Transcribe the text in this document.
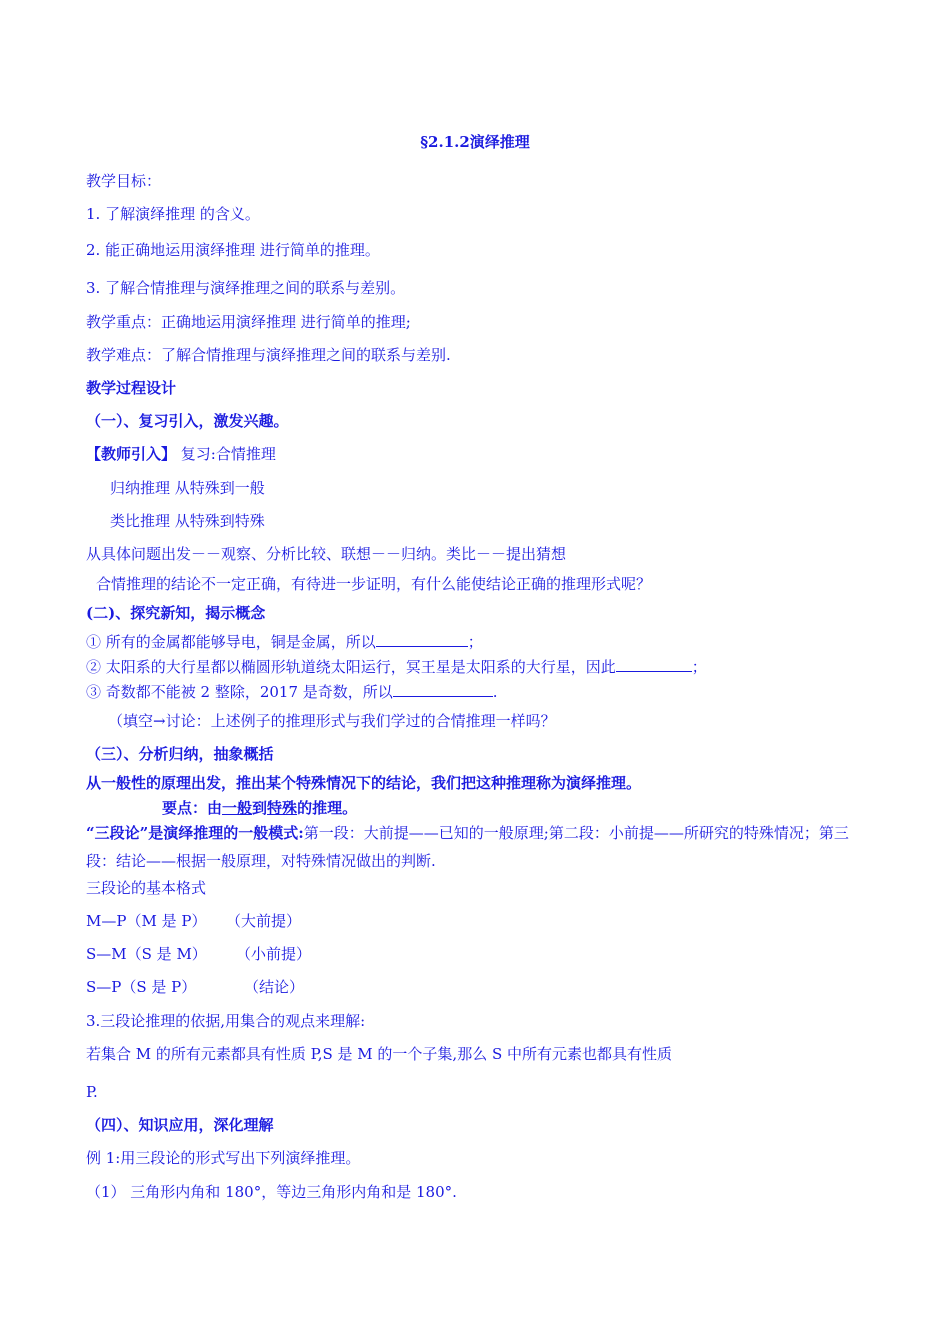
§2.1.2演绎推理
教学目标：
1. 了解演绎推理 的含义。
2. 能正确地运用演绎推理 进行简单的推理。
3. 了解合情推理与演绎推理之间的联系与差别。
教学重点：正确地运用演绎推理 进行简单的推理;
教学难点：了解合情推理与演绎推理之间的联系与差别.
教学过程设计
（一）、复习引入，激发兴趣。
【教师引入】 复习:合情推理
归纳推理 从特殊到一般
类比推理 从特殊到特殊
从具体问题出发－－观察、分析比较、联想－－归纳。类比－－提出猜想
合情推理的结论不一定正确，有待进一步证明，有什么能使结论正确的推理形式呢？
(二)、探究新知，揭示概念
① 所有的金属都能够导电，铜是金属，所以	；
② 太阳系的大行星都以椭圆形轨道绕太阳运行，冥王星是太阳系的大行星，因此	；
③ 奇数都不能被 2 整除，2017 是奇数，所以	.
（填空→讨论：上述例子的推理形式与我们学过的合情推理一样吗？
（三）、分析归纳，抽象概括
从一般性的原理出发，推出某个特殊情况下的结论，我们把这种推理称为演绎推理。
要点：由一般到特殊的推理。
“三段论”是演绎推理的一般模式:第一段：大前提——已知的一般原理;第二段：小前提——所研究的特殊情况；第三段：结论——根据一般原理，对特殊情况做出的判断.
三段论的基本格式
M—P（M 是 P） （大前提）
S—M（S 是 M） （小前提）
S—P（S 是 P）	（结论）
3.三段论推理的依据,用集合的观点来理解:
若集合 M 的所有元素都具有性质 P,S 是 M 的一个子集,那么 S 中所有元素也都具有性质
P.
（四）、知识应用，深化理解
例 1:用三段论的形式写出下列演绎推理。
（1） 三角形内角和 180°，等边三角形内角和是 180°.
